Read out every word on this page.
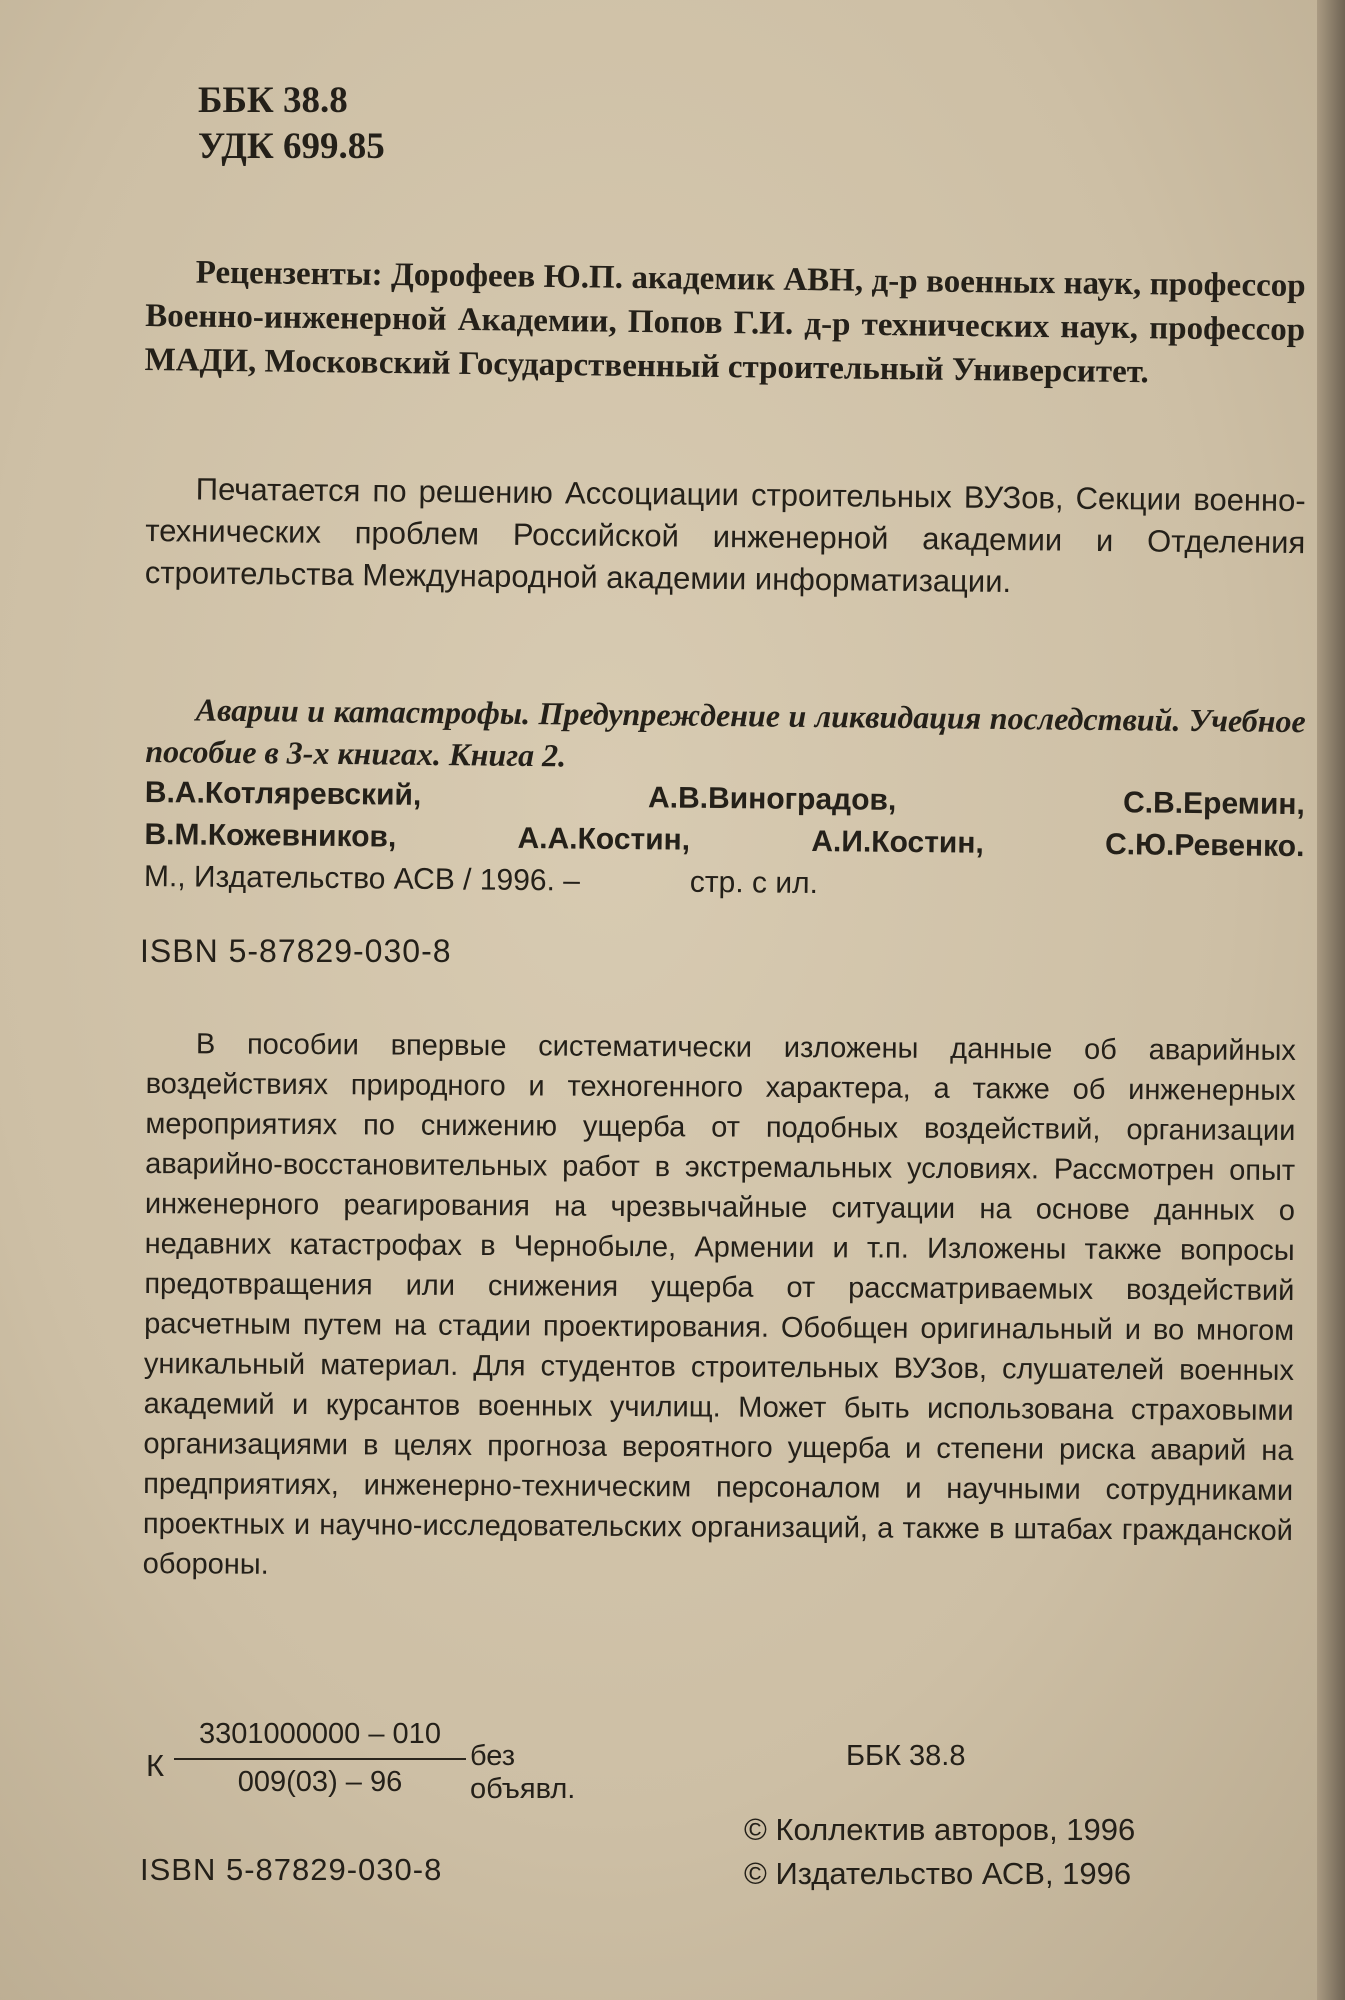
ББК 38.8
УДК 699.85
Рецензенты: Дорофеев Ю.П. академик АВН, д-р военных наук, профессор Военно-инженерной Академии, Попов Г.И. д-р технических наук, профессор МАДИ, Московский Государственный строительный Университет.
Печатается по решению Ассоциации строительных ВУЗов, Секции военно-технических проблем Российской инженерной академии и Отделения строительства Международной академии информатизации.
Аварии и катастрофы. Предупреждение и ликвидация последствий. Учебное пособие в 3-х книгах. Книга 2.
В.А.Котляревский,	А.В.Виноградов,	С.В.Еремин,
В.М.Кожевников,	А.А.Костин,	А.И.Костин,	С.Ю.Ревенко.
М., Издательство АСВ / 1996. –	стр. с ил.
ISBN 5-87829-030-8
В пособии впервые систематически изложены данные об аварийных воздействиях природного и техногенного характера, а также об инженерных мероприятиях по снижению ущерба от подобных воздействий, организации аварийно-восстановительных работ в экстремальных условиях. Рассмотрен опыт инженерного реагирования на чрезвычайные ситуации на основе данных о недавних катастрофах в Чернобыле, Армении и т.п. Изложены также вопросы предотвращения или снижения ущерба от рассматриваемых воздействий расчетным путем на стадии проектирования. Обобщен оригинальный и во многом уникальный материал. Для студентов строительных ВУЗов, слушателей военных академий и курсантов военных училищ. Может быть использована страховыми организациями в целях прогноза вероятного ущерба и степени риска аварий на предприятиях, инженерно-техническим персоналом и научными сотрудниками проектных и научно-исследовательских организаций, а также в штабах гражданской обороны.
К
3301000000 – 010
009(03) – 96
без объявл.
ББК 38.8
© Коллектив авторов, 1996
© Издательство АСВ, 1996
ISBN 5-87829-030-8
